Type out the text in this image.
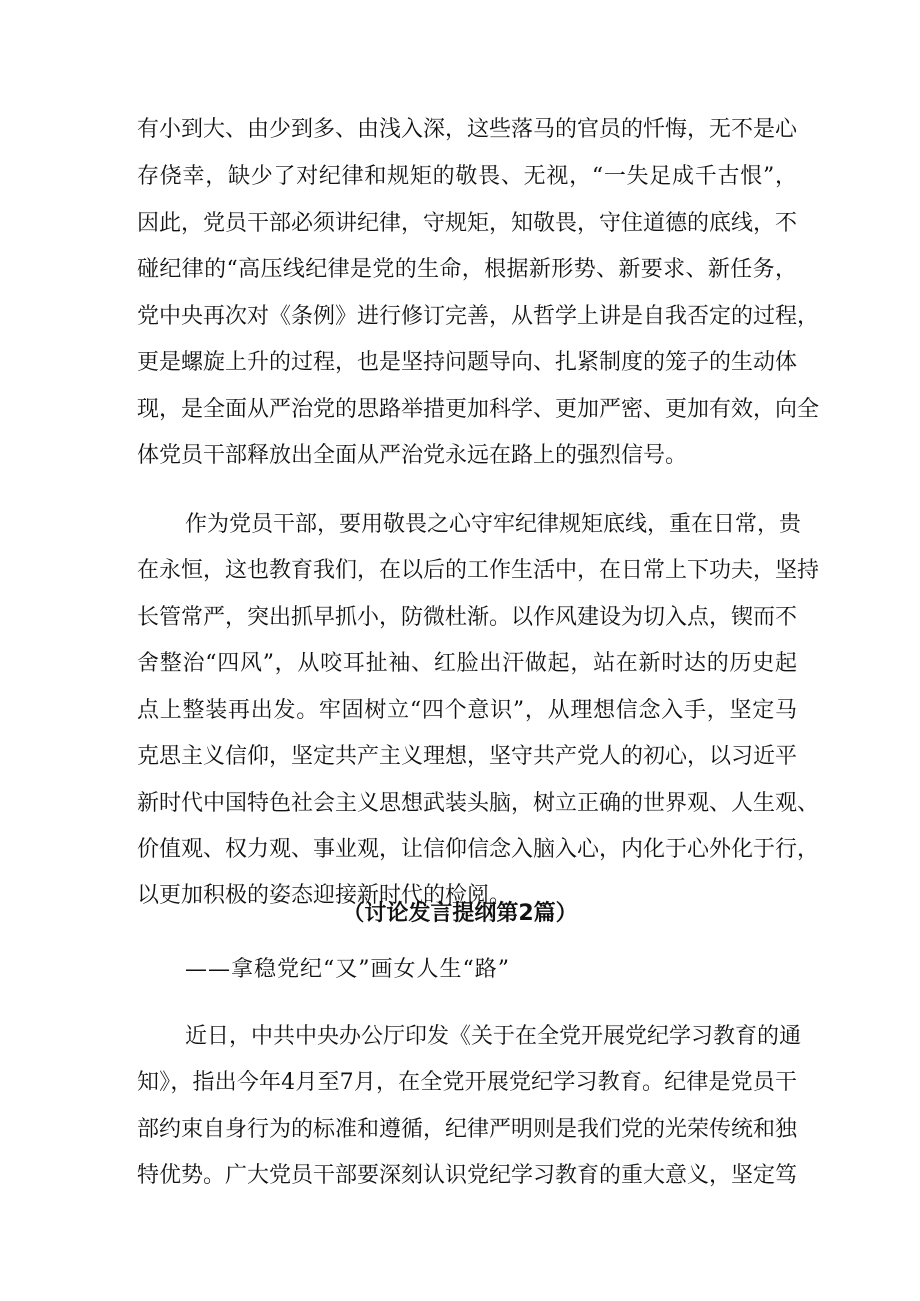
有小到大、由少到多、由浅入深，这些落马的官员的忏悔，无不是心
存侥幸，缺少了对纪律和规矩的敬畏、无视，“一失足成千古恨”，
因此，党员干部必须讲纪律，守规矩，知敬畏，守住道德的底线，不
碰纪律的“高压线纪律是党的生命，根据新形势、新要求、新任务，
党中央再次对《条例》进行修订完善，从哲学上讲是自我否定的过程，
更是螺旋上升的过程，也是坚持问题导向、扎紧制度的笼子的生动体
现，是全面从严治党的思路举措更加科学、更加严密、更加有效，向全
体党员干部释放出全面从严治党永远在路上的强烈信号。
作为党员干部，要用敬畏之心守牢纪律规矩底线，重在日常，贵
在永恒，这也教育我们，在以后的工作生活中，在日常上下功夫，坚持
长管常严，突出抓早抓小，防微杜渐。以作风建设为切入点，锲而不
舍整治“四风”，从咬耳扯袖、红脸出汗做起，站在新时达的历史起
点上整装再出发。牢固树立“四个意识”，从理想信念入手，坚定马
克思主义信仰，坚定共产主义理想，坚守共产党人的初心，以习近平
新时代中国特色社会主义思想武装头脑，树立正确的世界观、人生观、
价值观、权力观、事业观，让信仰信念入脑入心，内化于心外化于行，
以更加积极的姿态迎接新时代的检阅。
（讨论发言提纲第2篇）
——拿稳党纪“又”画女人生“路”
近日，中共中央办公厅印发《关于在全党开展党纪学习教育的通
知》，指出今年4月至7月，在全党开展党纪学习教育。纪律是党员干
部约束自身行为的标准和遵循，纪律严明则是我们党的光荣传统和独
特优势。广大党员干部要深刻认识党纪学习教育的重大意义，坚定笃
